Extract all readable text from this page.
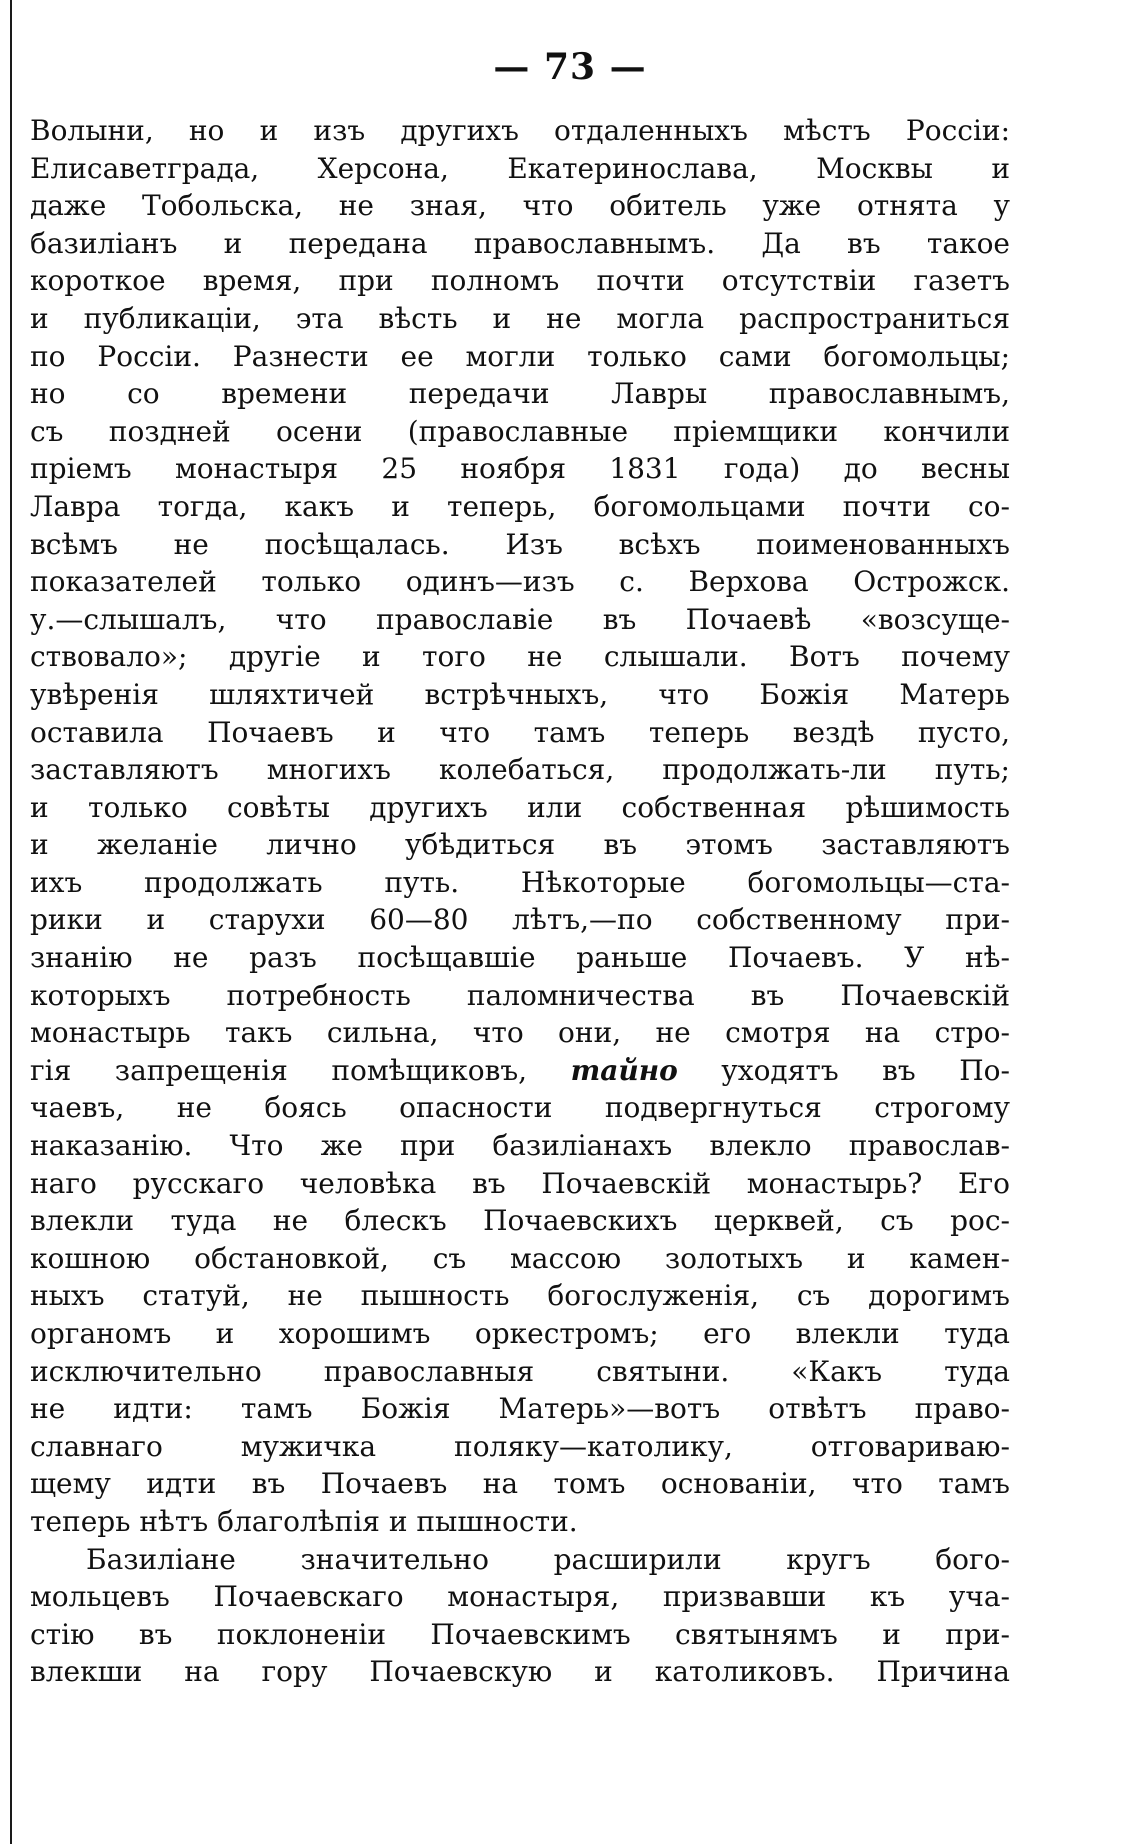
— 73 —
Волыни, но и изъ другихъ отдаленныхъ мѣстъ Россiи:
Елисаветграда, Херсона, Екатеринослава, Москвы и
даже Тобольска, не зная, что обитель уже отнята у
базилiанъ и передана православнымъ. Да въ такое
короткое время, при полномъ почти отсутствiи газетъ
и публикацiи, эта вѣсть и не могла распространиться
по Россiи. Разнести ее могли только сами богомольцы;
но со времени передачи Лавры православнымъ,
съ поздней осени (православные прiемщики кончили
прiемъ монастыря 25 ноября 1831 года) до весны
Лавра тогда, какъ и теперь, богомольцами почти со-
всѣмъ не посѣщалась. Изъ всѣхъ поименованныхъ
показателей только одинъ—изъ с. Верхова Острожск.
у.—слышалъ, что православiе въ Почаевѣ «возсуще-
ствовало»; другiе и того не слышали. Вотъ почему
увѣренiя шляхтичей встрѣчныхъ, что Божiя Матерь
оставила Почаевъ и что тамъ теперь вездѣ пусто,
заставляютъ многихъ колебаться, продолжать-ли путь;
и только совѣты другихъ или собственная рѣшимость
и желанiе лично убѣдиться въ этомъ заставляютъ
ихъ продолжать путь. Нѣкоторые богомольцы—ста-
рики и старухи 60—80 лѣтъ,—по собственному при-
знанiю не разъ посѣщавшiе раньше Почаевъ. У нѣ-
которыхъ потребность паломничества въ Почаевскiй
монастырь такъ сильна, что они, не смотря на стро-
гiя запрещенiя помѣщиковъ, тайно уходятъ въ По-
чаевъ, не боясь опасности подвергнуться строгому
наказанiю. Что же при базилiанахъ влекло православ-
наго русскаго человѣка въ Почаевскiй монастырь? Его
влекли туда не блескъ Почаевскихъ церквей, съ рос-
кошною обстановкой, съ массою золотыхъ и камен-
ныхъ статуй, не пышность богослуженiя, съ дорогимъ
органомъ и хорошимъ оркестромъ; его влекли туда
исключительно православныя святыни. «Какъ туда
не идти: тамъ Божiя Матерь»—вотъ отвѣтъ право-
славнаго мужичка поляку—католику, отговариваю-
щему идти въ Почаевъ на томъ основанiи, что тамъ
теперь нѣтъ благолѣпiя и пышности.
Базилiане значительно расширили кругъ бого-
мольцевъ Почаевскаго монастыря, призвавши къ уча-
стiю въ поклоненiи Почаевскимъ святынямъ и при-
влекши на гору Почаевскую и католиковъ. Причина
